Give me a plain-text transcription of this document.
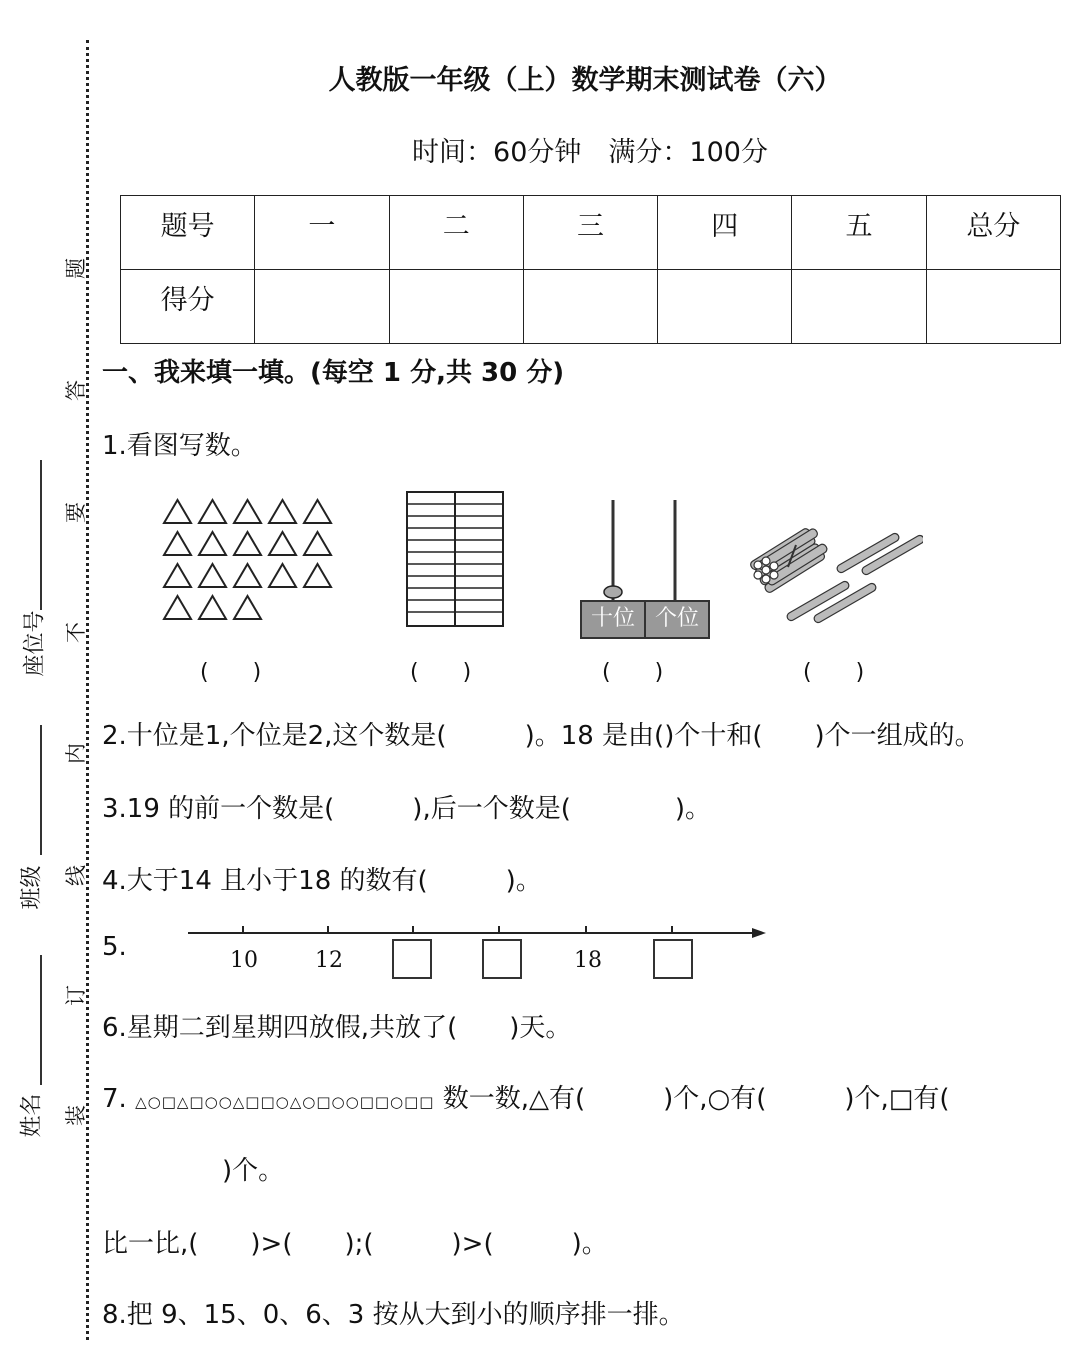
题
答
要
不
内
线
订
装
座位号
班级
姓名
人教版一年级（上）数学期末测试卷（六）
时间：60分钟　满分：100分
题号	一	二	三	四	五	总分
得分						
一、我来填一填。(每空 1 分,共 30 分)
1.看图写数。
十位 个位
(　　)	(　　)	(　　)	(　　)
2.十位是1,个位是2,这个数是(　　　)。18 是由()个十和(　　)个一组成的。
3.19 的前一个数是(　　　),后一个数是(　　　　)。
4.大于14 且小于18 的数有(　　　)。
5.	10	12	18
6.星期二到星期四放假,共放了(　　)天。
7. △○□△□○○△□□○△○□○○□□○□□ 数一数,△有(　　　)个,○有(　　　)个,□有(
)个。
比一比,(　　)>(　　);(　　　)>(　　　)。
8.把 9、15、0、6、3 按从大到小的顺序排一排。
